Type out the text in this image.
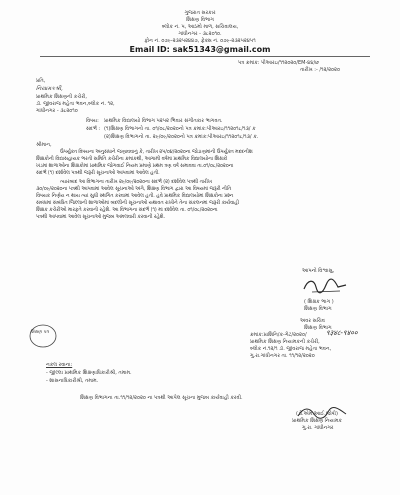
ગુજરાત સરકાર
શિક્ષણ વિભાગ
બ્લોક નં. ૫, આઠમો માળ, સચિવાલય,
ગાંધીનગર - ૩૮૨૦૧૦.
ફોન નં. ૦૭૯-૨૩૨૫૨૪૪૭, ફેક્સ નં. ૦૭૯-૨૩૨૫૨૪૫૧
Email ID: sak51343@gmail.com
પત્ર ક્રમાંક: પીઆરઇ/૧૧૨૦૨૦/EM-૪૪/છ
તારીખ :- /૧૨/૨૦૨૦
પ્રતિ,
નિયામકશ્રી,
પ્રાથમિક શિક્ષણની કચેરી,
ડૉ. જીવરાજ મહેતા ભવન,બ્લોક નં. ૧૨,
ગાંધીનગર - ૩૮૨૦૧૦
વિષય: પ્રાથમિક વિદ્યાલયો વિભાગ ૫૨૫૨ ભિવાર સંગીતકાર ભાગવત.
સંદર્ભ : (૧)શિક્ષણ વિભાગનો તા. ૦૧/૦૮/૨૦૨૦નો પત્ર ક્રમાંક:પીઆરઇ/૧૧૨૦૧૮/૧૩/ ક
(૨)શિક્ષણ વિભાગનો તા. ૨૯/૦૯/૨૦૨૦નો પત્ર ક્રમાંક:પીઆરઇ/૧૧૨૦૧૮/૧૩/ ક.
શ્રીમાન,
ઉપર્યુક્ત વિષયના અનુસંધાને જણાવવાનું કે, તારીખ ૨૫/૦૪/૨૦૨૦ના જોડાણમાંની ઉપર્યુક્ત મદદનીશ
શિક્ષકોની વિદ્યાસહાયક ભરતી સમિતિ કચેરીના ક્રમાંકથી, આગામી વર્ષમાં પ્રાથમિક વિદ્યાલયોના શિક્ષકો
ખંડમાં શાળાઓના શિક્ષકોમાં પ્રાથમિક જોગવાઈ નિયમ પ્રમાણે પ્રથમ ત્રણ વર્ષ સમાવવા તા.૦૧/૦૮/૨૦૨૦ના
સંદર્ભ (૧) દર્શાવેલ પત્રથી જરૂરી સૂચનાઓ આપવામાં આવેલ હતી.
ત્યારબાદ આ વિભાગના તારીખ ૨૯/૦૯/૨૦૨૦ના સંદર્ભ (૨) દર્શાવેલ પત્રથી તારીખ
૩૦/૦૯/૨૦૨૦ના પત્રથી આપવામાં આવેલ સૂચનાઓ અંગે, શિક્ષણ વિભાગ દ્વારા આ વિષયમાં જરૂરી નીતિ
વિષયક નિર્ણય ન થાય ત્યાં સુધી સ્થગિત કરવામાં આવેલ હતી. હવે પ્રાથમિક વિદ્યાલયોમાં શિક્ષકોના પ્રશ્ન
સંબંધમાં સંબંધિત જિલ્લાની શાળાઓમાં બદલીની સૂચનાઓ યથાવત રાખીને તેના સંકલનમાં જરૂરી કાર્યવાહી
શિક્ષક કચેરીઓ મારફતે કરવાની રહેશે. આ વિભાગના સંદર્ભ (૧) માં દર્શાવેલ તા. ૦૧/૦૮/૨૦૨૦ના
પત્રથી આપવામાં આવેલ સૂચનાઓ મુજબ અમલવારી કરવાની રહેશે.
આપનો વિશ્વાસુ,
( શિક્ષક ભાગ )
શિક્ષણ વિભાગ
શિક્ષણ પત્ર
અવર સચિવ
શિક્ષણ વિભાગ
ક્રમાંક:પ્રાશિનિ/ક-ગેટ/૨૦૨૦/	९३४८-९४००
પ્રાથમિક શિક્ષણ નિયામકની કચેરી,
બ્લોક નં.૧૨/૧ ડૉ. જીવરાજ મહેતા ભવન,
ગુ.રા.ગાંધીનગર તા. ૧૧/૧૨/૨૦૨૦
નકલ રવાના:
- જીલ્લા પ્રાથમિક શિક્ષણાધિકારીશ્રી, તમામ.
- શાસનાધિકારીશ્રી, તમામ.
શિક્ષણ વિભાગના તા.૧૧/૧૨/૨૦૨૦ ના પત્રથી આપેલ સૂચના મુજબ કાર્યવાહી કરવી.
(ડો.એમ.આઈ.જોષી)
પ્રાથમિક શિક્ષણ નિયામક
ગુ.રા. ગાંધીનગર
